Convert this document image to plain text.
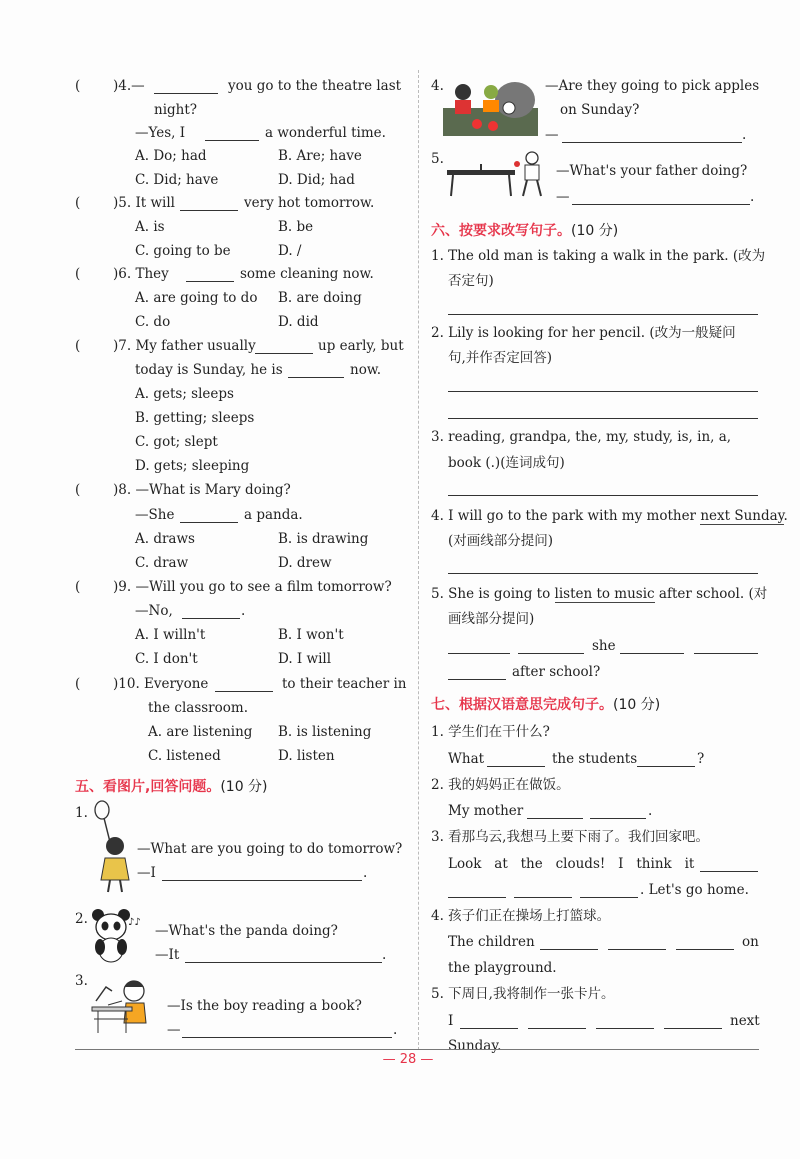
( )4.—	you go to the theatre last
night?
—Yes, I	a wonderful time.
A. Do; had	B. Are; have
C. Did; have	D. Did; had
( )5. It will	very hot tomorrow.
A. is	B. be
C. going to be	D. /
( )6. They	some cleaning now.
A. are going to do B. are doing
C. do	D. did
( )7. My father usually	up early, but
today is Sunday, he is	now.
A. gets; sleeps
B. getting; sleeps
C. got; slept
D. gets; sleeping
( )8. —What is Mary doing?
—She	a panda.
A. draws	B. is drawing
C. draw	D. drew
( )9. —Will you go to see a film tomorrow?
—No,	.
A. I willn't	B. I won't
C. I don't	D. I will
( )10. Everyone	to their teacher in
the classroom.
A. are listening B. is listening
C. listened	D. listen
五、看图片,回答问题。(10 分)
1.
—What are you going to do tomorrow?
—I	.
2.	♪♪
—What's the panda doing?
—It	.
3.
—Is the boy reading a book?
—	.
4.	—Are they going to pick apples
on Sunday?
—	.
5.
—What's your father doing?
—	.
六、按要求改写句子。(10 分)
1. The old man is taking a walk in the park. (改为
否定句)
2. Lily is looking for her pencil. (改为一般疑问
句,并作否定回答)
3. reading, grandpa, the, my, study, is, in, a,
book (.)(连词成句)
4. I will go to the park with my mother next Sunday.
(对画线部分提问)
5. She is going to listen to music after school. (对
画线部分提问)
she
after school?
七、根据汉语意思完成句子。(10 分)
1. 学生们在干什么?
What	the students	?
2. 我的妈妈正在做饭。
My mother	.
3. 看那乌云,我想马上要下雨了。我们回家吧。
Look   at   the   clouds!   I   think   it
. Let's go home.
4. 孩子们正在操场上打篮球。
The children	on
the playground.
5. 下周日,我将制作一张卡片。
I	next
Sunday.
— 28 —
